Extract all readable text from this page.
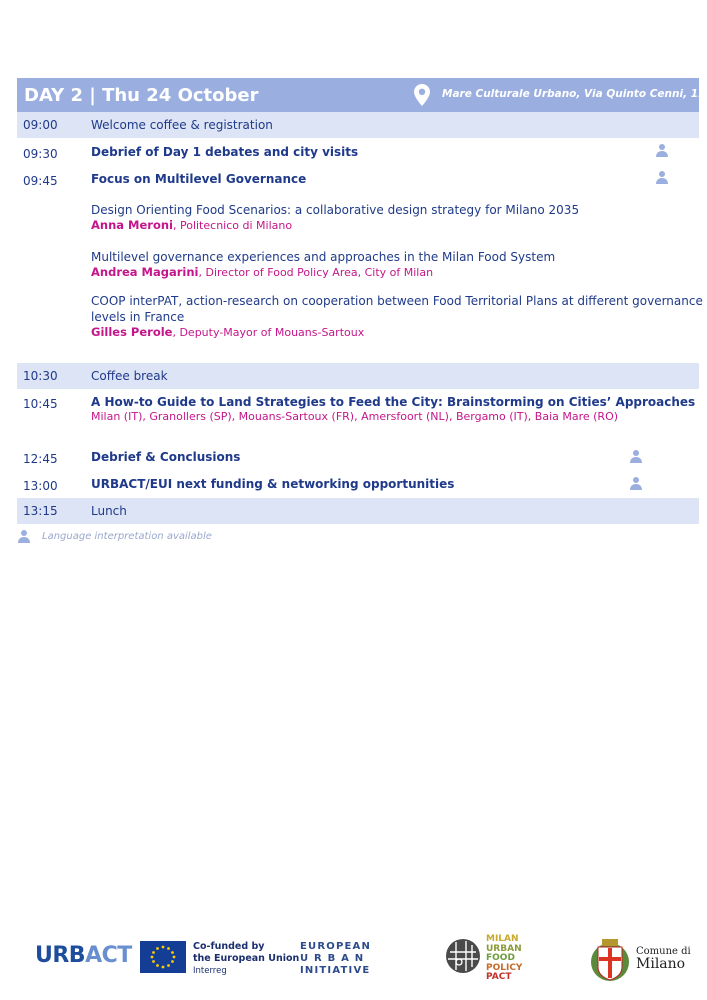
DAY 2 | Thu 24 October	Mare Culturale Urbano, Via Quinto Cenni, 11
09:00	Welcome coffee & registration
09:30	Debrief of Day 1 debates and city visits
09:45	Focus on Multilevel Governance
Design Orienting Food Scenarios: a collaborative design strategy for Milano 2035
Anna Meroni, Politecnico di Milano
Multilevel governance experiences and approaches in the Milan Food System
Andrea Magarini, Director of Food Policy Area, City of Milan
COOP interPAT, action-research on cooperation between Food Territorial Plans at different governance
levels in France
Gilles Perole, Deputy-Mayor of Mouans-Sartoux
10:30	Coffee break
10:45	A How-to Guide to Land Strategies to Feed the City: Brainstorming on Cities’ Approaches
Milan (IT), Granollers (SP), Mouans-Sartoux (FR), Amersfoort (NL), Bergamo (IT), Baia Mare (RO)
12:45	Debrief & Conclusions
13:00	URBACT/EUI next funding & networking opportunities
13:15	Lunch
Language interpretation available
URBACT	Co-funded by
the European Union
Interreg
EUROPEAN
U R B A N
INITIATIVE
MILAN
URBAN
FOOD
POLICY
PACT
Comune di
Milano
